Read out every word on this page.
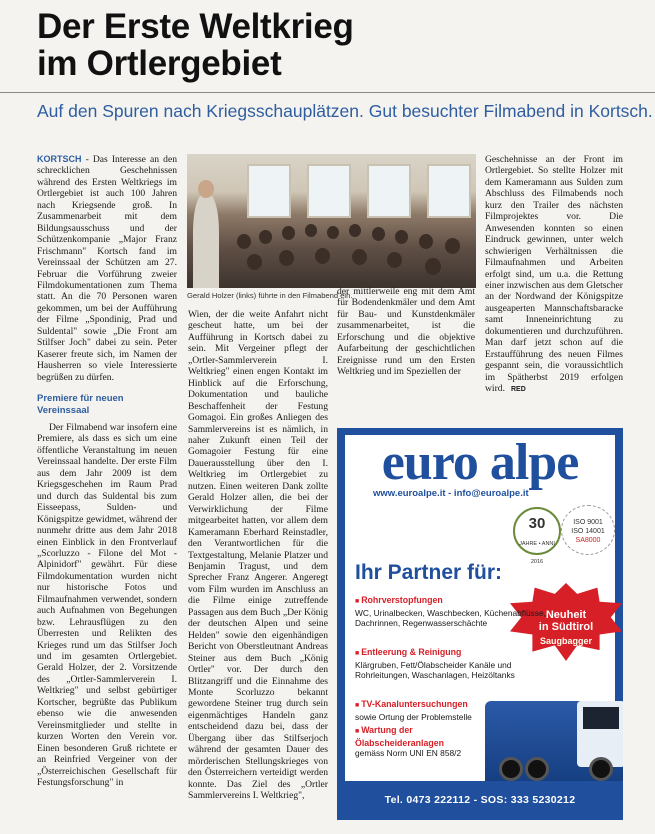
Der Erste Weltkrieg
im Ortlergebiet
Auf den Spuren nach Kriegsschauplätzen. Gut besuchter Filmabend in Kortsch.

KORTSCH - Das Interesse an den schrecklichen Geschehnissen während des Ersten Weltkriegs im Ortlergebiet ist auch 100 Jahren nach Kriegsende groß. In Zusammenarbeit mit dem Bildungsausschuss und der Schützenkompanie „Major Franz Frischmann" Kortsch fand im Vereinssaal der Schützen am 27. Februar die Vorführung zweier Filmdokumentationen zum Thema statt. An die 70 Personen waren gekommen, um bei der Aufführung der Filme „Spondinig, Prad und Suldental" sowie „Die Front am Stilfser Joch" dabei zu sein. Peter Kaserer freute sich, im Namen der Hausherren so viele Interessierte begrüßen zu dürfen.

Premiere für neuen Vereinssaal

Der Filmabend war insofern eine Premiere, als dass es sich um eine öffentliche Veranstaltung im neuen Vereinssaal handelte. Der erste Film aus dem Jahr 2009 ist dem Kriegsgeschehen im Raum Prad und durch das Suldental bis zum Eisseepass, Sulden- und Königspitze gewidmet, während der nunmehr dritte aus dem Jahr 2018 einen Einblick in den Frontverlauf „Scorluzzo - Filone del Mot - Alpinidorf" gewährt. Für diese Filmdokumentation wurden nicht nur historische Fotos und Filmaufnahmen verwendet, sondern auch Aufnahmen von Begehungen bzw. Lehrausflügen zu den Überresten und Relikten des Krieges rund um das Stilfser Joch und im gesamten Ortlergebiet. Gerald Holzer, der 2. Vorsitzende des „Ortler-Sammlerverein I. Weltkrieg" und selbst gebürtiger Kortscher, begrüßte das Publikum ebenso wie die anwesenden Vereinsmitglieder und stellte in kurzen Worten den Verein vor. Einen besonderen Gruß richtete er an Reinfried Vergeiner von der „Österreichischen Gesellschaft für Festungsforschung" in

Gerald Holzer (links) führte in den Filmabend ein.

Wien, der die weite Anfahrt nicht gescheut hatte, um bei der Aufführung in Kortsch dabei zu sein. Mit Vergeiner pflegt der „Ortler-Sammlerverein I. Weltkrieg" einen engen Kontakt im Hinblick auf die Erforschung, Dokumentation und bauliche Beschaffenheit der Festung Gomagoi. Ein großes Anliegen des Sammlervereins ist es nämlich, in naher Zukunft einen Teil der Gomagoier Festung für eine Dauerausstellung über den I. Weltkrieg im Ortlergebiet zu nutzen. Einen weiteren Dank zollte Gerald Holzer allen, die bei der Verwirklichung der Filme mitgearbeitet hatten, vor allem dem Kameramann Eberhard Reinstadler, den Verantwortlichen für die Textgestaltung, Melanie Platzer und Benjamin Tragust, und dem Sprecher Franz Angerer. Angeregt vom Film wurden im Anschluss an die Filme einige zutreffende Passagen aus dem Buch „Der König der deutschen Alpen und seine Helden" sowie den eigenhändigen Bericht von Oberstleutnant Andreas Steiner aus dem Buch „König Ortler" vor. Der durch den Blitzangriff und die Einnahme des Monte Scorluzzo bekannt gewordene Steiner trug durch sein eigenmächtiges Handeln ganz entscheidend dazu bei, dass der Übergang über das Stilfserjoch während der gesamten Dauer des mörderischen Stellungskrieges von den Österreichern verteidigt werden konnte. Das Ziel des „Ortler Sammlervereins I. Weltkrieg",

der mittlerweile eng mit dem Amt für Bodendenkmäler und dem Amt für Bau- und Kunstdenkmäler zusammenarbeitet, ist die Erforschung und die objektive Aufarbeitung der geschichtlichen Ereignisse rund um den Ersten Weltkrieg und im Speziellen der

Geschehnisse an der Front im Ortlergebiet. So stellte Holzer mit dem Kameramann aus Sulden zum Abschluss des Filmabends noch kurz den Trailer des nächsten Filmprojektes vor. Die Anwesenden konnten so einen Eindruck gewinnen, unter welch schwierigen Verhältnissen die Filmaufnahmen und Arbeiten erfolgt sind, um u.a. die Rettung einer inzwischen aus dem Gletscher an der Nordwand der Königspitze ausgeaperten Mannschaftsbaracke samt Inneneinrichtung zu dokumentieren und durchzuführen. Man darf jetzt schon auf die Erstaufführung des neuen Filmes gespannt sein, die voraussichtlich im Spätherbst 2019 erfolgen wird. RED

euro alpe
www.euroalpe.it - info@euroalpe.it
30
JAHRE • ANNI 2016
ISO 9001
ISO 14001
SA8000
Ihr Partner für:
Neuheit
in Südtirol
Saugbagger
■ Rohrverstopfungen
WC, Urinalbecken, Waschbecken, Küchenabflüsse, Dachrinnen, Regenwasserschächte
■ Entleerung & Reinigung
Klärgruben, Fett/Ölabscheider Kanäle und Rohrleitungen, Waschanlagen, Heizöltanks
■ TV-Kanaluntersuchungen
sowie Ortung der Problemstelle
■ Wartung der Ölabscheideranlagen
gemäss Norm UNI EN 858/2
Tel. 0473 222112 - SOS: 333 5230212
